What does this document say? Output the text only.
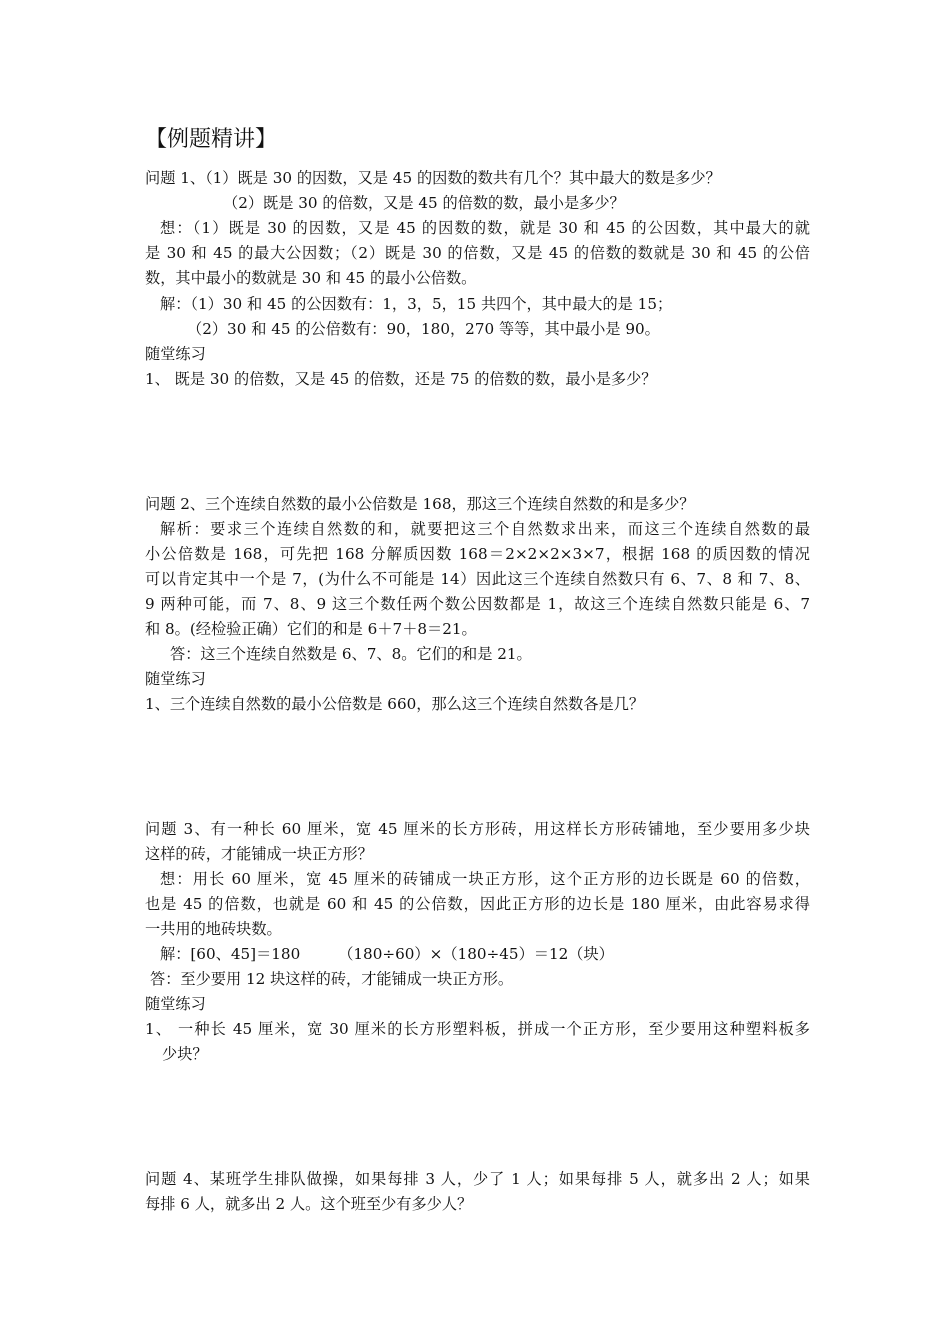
【例题精讲】
问题 1、（1）既是 30 的因数，又是 45 的因数的数共有几个？其中最大的数是多少？
（2）既是 30 的倍数，又是 45 的倍数的数，最小是多少？
想：（1）既是 30 的因数，又是 45 的因数的数，就是 30 和 45 的公因数，其中最大的就
是 30 和 45 的最大公因数；（2）既是 30 的倍数，又是 45 的倍数的数就是 30 和 45 的公倍
数，其中最小的数就是 30 和 45 的最小公倍数。
解：（1）30 和 45 的公因数有：1，3，5，15 共四个，其中最大的是 15；
（2）30 和 45 的公倍数有：90，180，270 等等，其中最小是 90。
随堂练习
1、 既是 30 的倍数，又是 45 的倍数，还是 75 的倍数的数，最小是多少？
问题 2、三个连续自然数的最小公倍数是 168，那这三个连续自然数的和是多少？
解析：要求三个连续自然数的和，就要把这三个自然数求出来，而这三个连续自然数的最
小公倍数是 168，可先把 168 分解质因数 168＝2×2×2×3×7，根据 168 的质因数的情况
可以肯定其中一个是 7，(为什么不可能是 14）因此这三个连续自然数只有 6、7、8 和 7、8、
9 两种可能，而 7、8、9 这三个数任两个数公因数都是 1，故这三个连续自然数只能是 6、7
和 8。(经检验正确）它们的和是 6＋7＋8＝21。
答：这三个连续自然数是 6、7、8。它们的和是 21。
随堂练习
1、三个连续自然数的最小公倍数是 660，那么这三个连续自然数各是几？
问题 3、有一种长 60 厘米，宽 45 厘米的长方形砖，用这样长方形砖铺地，至少要用多少块
这样的砖，才能铺成一块正方形？
想：用长 60 厘米，宽 45 厘米的砖铺成一块正方形，这个正方形的边长既是 60 的倍数，
也是 45 的倍数，也就是 60 和 45 的公倍数，因此正方形的边长是 180 厘米，由此容易求得
一共用的地砖块数。
解：[60、45]＝180　　　（180÷60）×（180÷45）＝12（块）
答：至少要用 12 块这样的砖，才能铺成一块正方形。
随堂练习
1、 一种长 45 厘米，宽 30 厘米的长方形塑料板，拼成一个正方形，至少要用这种塑料板多
少块？
问题 4、某班学生排队做操，如果每排 3 人，少了 1 人；如果每排 5 人，就多出 2 人；如果
每排 6 人，就多出 2 人。这个班至少有多少人？
